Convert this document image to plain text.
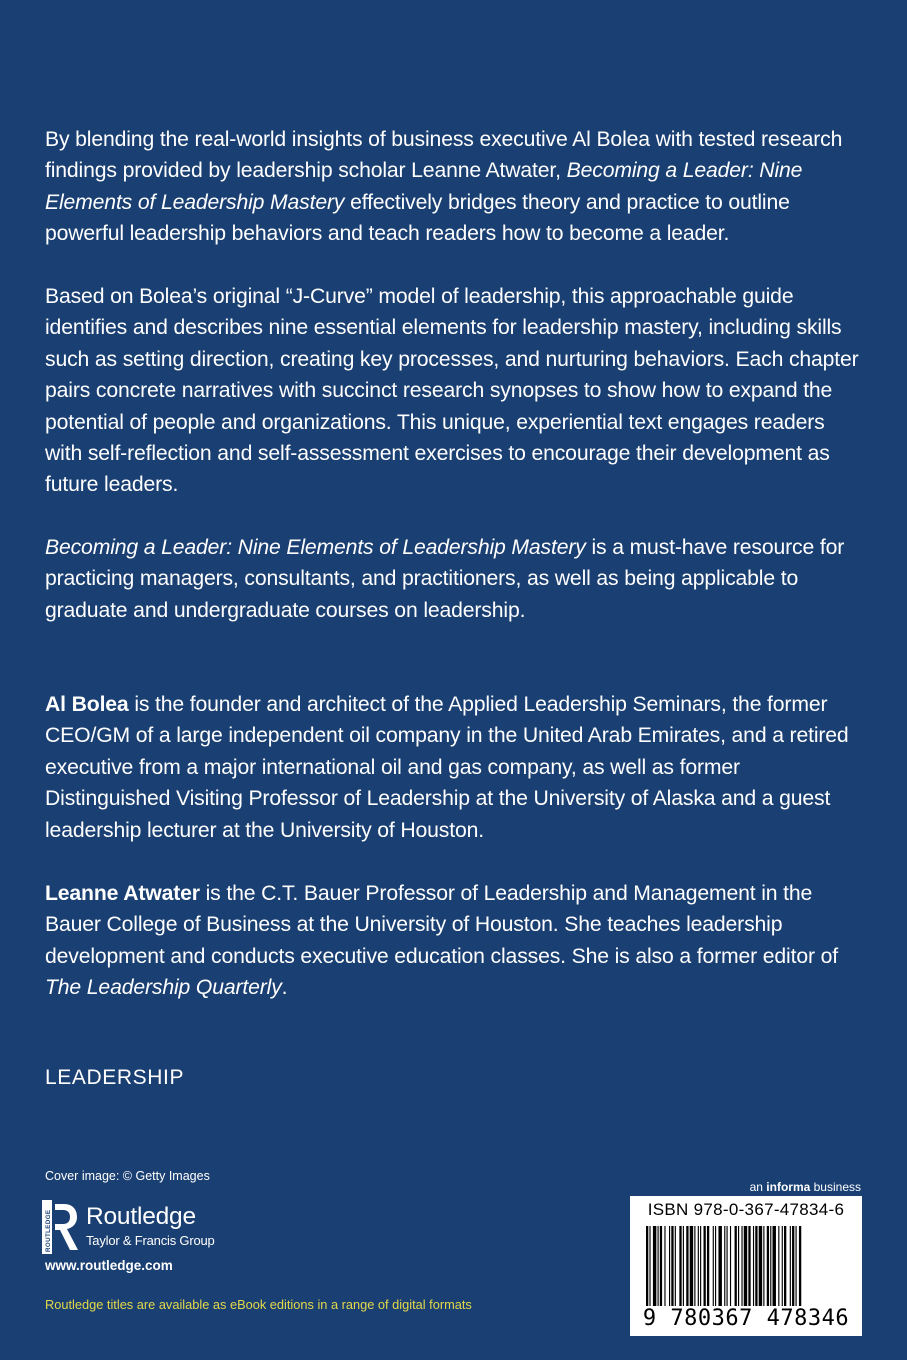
By blending the real-world insights of business executive Al Bolea with tested research findings provided by leadership scholar Leanne Atwater, Becoming a Leader: Nine Elements of Leadership Mastery effectively bridges theory and practice to outline powerful leadership behaviors and teach readers how to become a leader.

Based on Bolea’s original “J-Curve” model of leadership, this approachable guide identifies and describes nine essential elements for leadership mastery, including skills such as setting direction, creating key processes, and nurturing behaviors. Each chapter pairs concrete narratives with succinct research synopses to show how to expand the potential of people and organizations. This unique, experiential text engages readers with self-reflection and self-assessment exercises to encourage their development as future leaders.

Becoming a Leader: Nine Elements of Leadership Mastery is a must-have resource for practicing managers, consultants, and practitioners, as well as being applicable to graduate and undergraduate courses on leadership.

Al Bolea is the founder and architect of the Applied Leadership Seminars, the former CEO/GM of a large independent oil company in the United Arab Emirates, and a retired executive from a major international oil and gas company, as well as former Distinguished Visiting Professor of Leadership at the University of Alaska and a guest leadership lecturer at the University of Houston.

Leanne Atwater is the C.T. Bauer Professor of Leadership and Management in the Bauer College of Business at the University of Houston. She teaches leadership development and conducts executive education classes. She is also a former editor of The Leadership Quarterly.

LEADERSHIP

Cover image: © Getty Images
ROUTLEDGE Routledge
Taylor & Francis Group
www.routledge.com
Routledge titles are available as eBook editions in a range of digital formats
an informa business
ISBN 978-0-367-47834-6
9 780367 478346
